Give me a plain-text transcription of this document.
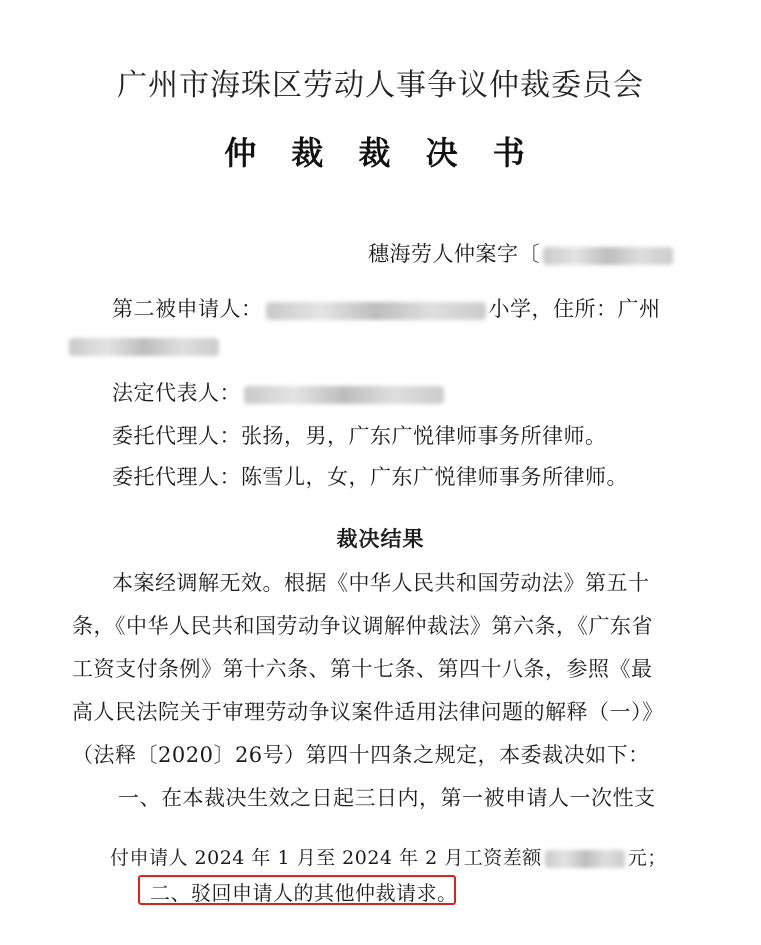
广州市海珠区劳动人事争议仲裁委员会
仲 裁 裁 决 书
穗海劳人仲案字〔
第二被申请人：	小学，住所：广州
法定代表人：
委托代理人：张扬，男，广东广悦律师事务所律师。
委托代理人：陈雪儿，女，广东广悦律师事务所律师。
裁决结果
本案经调解无效。根据《中华人民共和国劳动法》第五十
条，《中华人民共和国劳动争议调解仲裁法》第六条，《广东省
工资支付条例》第十六条、第十七条、第四十八条，参照《最
高人民法院关于审理劳动争议案件适用法律问题的解释（一）》
（法释〔2020〕26号）第四十四条之规定，本委裁决如下：
一、在本裁决生效之日起三日内，第一被申请人一次性支
付申请人 2024 年 1 月至 2024 年 2 月工资差额	元；
二、驳回申请人的其他仲裁请求。
